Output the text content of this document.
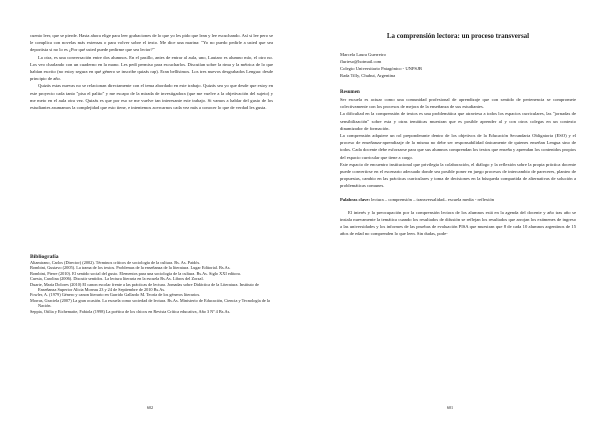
cuento leer, que se pierde. Hasta ahora elige para leer grabaciones de lo que yo les pido que lean y lee escuchando. Así si lee pero se le complica con novelas más extensas o para volver sobre el texto. Me dice una marina: "Yo no puedo pedirle a usted que sea deportista si no lo es ¿Por qué usted puede pedirme que sea lector?"

La otra, es una conversación entre dos alumnos. En el pasillo, antes de entrar al aula, uno, Lautaro es alumno mío, el otro no. Los veo charlando con un cuaderno en la mano. Les pedí permiso para escucharlos. Discutían sobre la rima y la métrica de lo que habían escrito (no estoy segura en qué género se inscribe quizás rap). Eran bellísimos. Los tres nuevos desgrabados Lengua: desde principio de año.

Quizás estas nuevas no se relacionan directamente con el tema abordado en este trabajo. Quizás sea yo que desde que estoy en este proyecto cada tanto "pisa el palito" y me escapo de la mirada de investigadora (que me vuelve a la objetivación del sujeto) y me meto en el aula otra vez. Quizás es que por eso se me vuelve tan interesante este trabajo. Si vamos a hablar del gusto de los estudiantes asumamos la complejidad que esto tiene, e intentemos acercarnos cada vez más a conocer lo que de verdad les gusta.

Bibliografía

Altamirano, Carlos (Director) (2002). Términos críticos de sociología de la cultura. Bs. As. Paidós.

Bombini, Gustavo (2005). La trama de los textos. Problemas de la enseñanza de la literatura. Lugar Editorial. Bs.As.

Bombini, Pierre (2010). El sentido social del gusto. Elementos para una sociología de la cultura. Bs.As. Siglo XXI editora.

Cuesta, Carolina (2006). Discutir sentidos. La lectura literaria en la escuela Bs.As. Libros del Zorzal.

Duarte, María Dolores (2010) El canon escolar frente a las prácticas de lectura. Jornadas sobre Didáctica de la Literatura. Instituto de Enseñanza Superior Alicia Moreau 23 y 24 de Septiembre de 2010 Bs.As.

Fowler, A. (1979) Género y canon literario en Garrido Gallardo M. Teoría de los géneros literarios.

Morras, Graciela (2007) La gran ocasión. La escuela como sociedad de lectura. Bs.As. Ministerio de Educación, Ciencia y Tecnología de la Nación.

Seppia, Otilia y Etchemaite, Fabiola (1998) La poética de los chicos en Revista Crítica educativa, Año 3 Nº 4 Bs.As.

602
La comprensión lectora: un proceso transversal
Marcela Laura Guerreiro
flurieso@hotmail.com
Colegio Universitario Patagónico - UNPSJB
Rada Tilly, Chubut, Argentina
Resumen

Ser escuela es actuar como una comunidad profesional de aprendizaje que con sentido de pertenencia se compromete colectivamente con los procesos de mejora de la enseñanza de sus estudiantes.

La dificultad en la comprensión de textos es una problemática que atraviesa a todos los espacios curriculares, las "jornadas de sensibilización" sobre esta y otras temáticas muestran que es posible aprender al y con otros colegas en un contexto dinamizador de formación.

La comprensión adquiere un rol preponderante dentro de los objetivos de la Educación Secundaria Obligatoria (ESO) y el proceso de enseñanza-aprendizaje de la misma no debe ser responsabilidad únicamente de quienes enseñan Lengua sino de todos. Cada docente debe esforzarse para que sus alumnos comprendan los textos que enseña y aprendan los contenidos propios del espacio curricular que tiene a cargo.

Este espacio de encuentro institucional que privilegia la colaboración, el diálogo y la reflexión sobre la propia práctica docente puede convertirse en el escenario adecuado donde sea posible poner en juego procesos de intercambio de pareceres, planteo de propuestas, cambio en las prácticas curriculares y toma de decisiones en la búsqueda compartida de alternativas de solución a problemáticas comunes.

Palabras clave: lectura – comprensión – transversalidad– escuela media - reflexión

El interés y la preocupación por la comprensión lectora de los alumnos está en la agenda del docente y año tras año se instala nuevamente la temática cuando los resultados de difusión se reflejan los resultados que arrojan los exámenes de ingreso a las universidades y los informes de las pruebas de evaluación PISA que muestran que 8 de cada 10 alumnos argentinos de 15 años de edad no comprenden lo que leen. Sin dudas, pode-

601
